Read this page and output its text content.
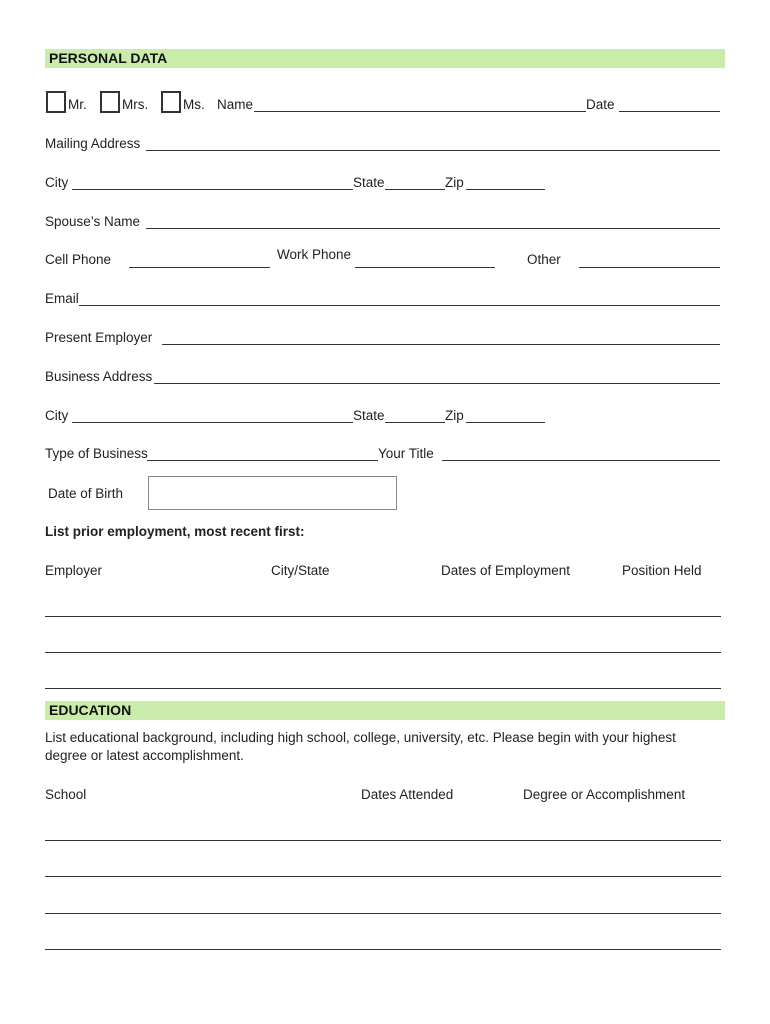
PERSONAL DATA
Mr.	Mrs.	Ms. Name	Date
Mailing Address
City	State	Zip
Spouse’s Name
Cell Phone	Work Phone	Other
Email
Present Employer
Business Address
City	State	Zip
Type of Business	Your Title
Date of Birth
List prior employment, most recent first:
Employer	City/State	Dates of Employment	Position Held
EDUCATION
List educational background, including high school, college, university, etc. Please begin with your highest degree or latest accomplishment.
School	Dates Attended	Degree or Accomplishment
